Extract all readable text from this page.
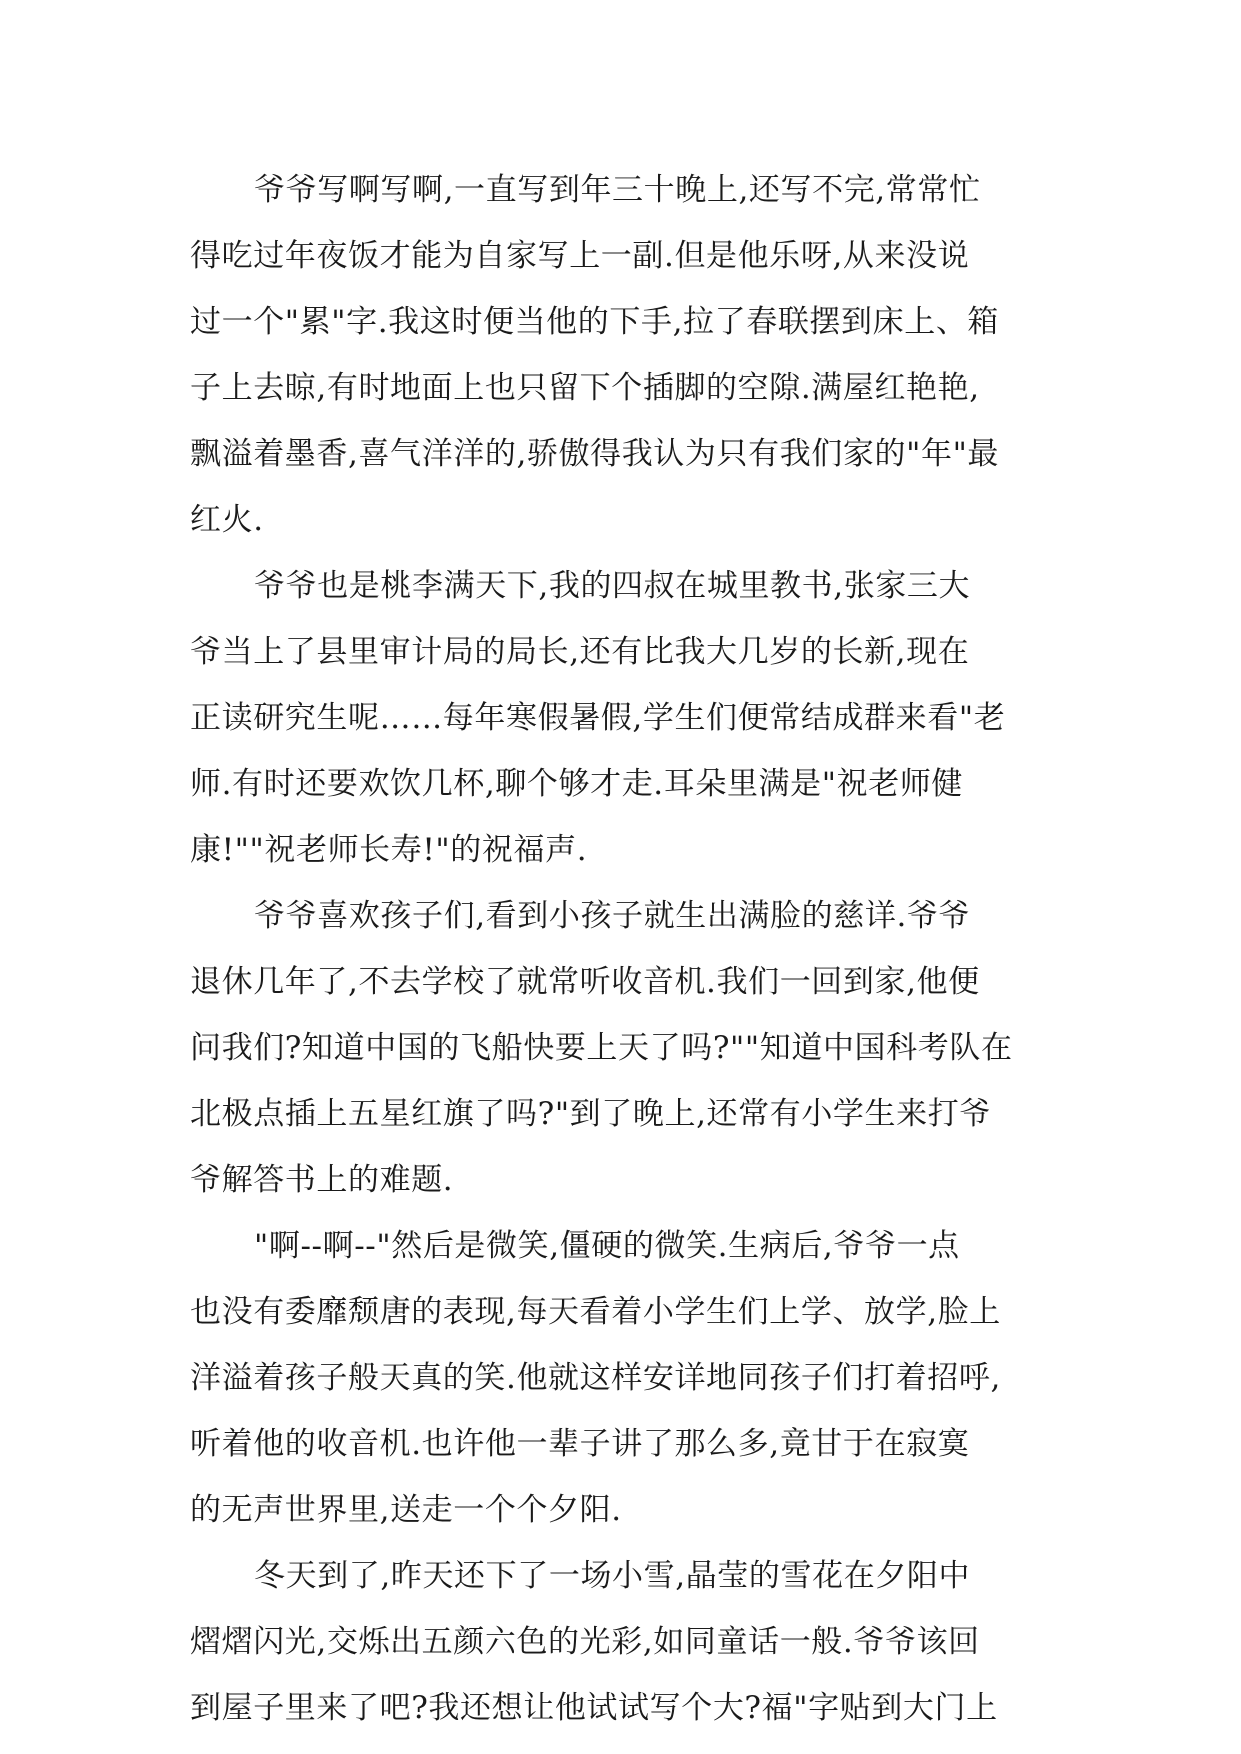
爷爷写啊写啊,一直写到年三十晚上,还写不完,常常忙
得吃过年夜饭才能为自家写上一副.但是他乐呀,从来没说
过一个"累"字.我这时便当他的下手,拉了春联摆到床上、箱
子上去晾,有时地面上也只留下个插脚的空隙.满屋红艳艳,
飘溢着墨香,喜气洋洋的,骄傲得我认为只有我们家的"年"最
红火.
爷爷也是桃李满天下,我的四叔在城里教书,张家三大
爷当上了县里审计局的局长,还有比我大几岁的长新,现在
正读研究生呢……每年寒假暑假,学生们便常结成群来看"老
师.有时还要欢饮几杯,聊个够才走.耳朵里满是"祝老师健
康!""祝老师长寿!"的祝福声.
爷爷喜欢孩子们,看到小孩子就生出满脸的慈详.爷爷
退休几年了,不去学校了就常听收音机.我们一回到家,他便
问我们?知道中国的飞船快要上天了吗?""知道中国科考队在
北极点插上五星红旗了吗?"到了晚上,还常有小学生来打爷
爷解答书上的难题.
"啊--啊--"然后是微笑,僵硬的微笑.生病后,爷爷一点
也没有委靡颓唐的表现,每天看着小学生们上学、放学,脸上
洋溢着孩子般天真的笑.他就这样安详地同孩子们打着招呼,
听着他的收音机.也许他一辈子讲了那么多,竟甘于在寂寞
的无声世界里,送走一个个夕阳.
冬天到了,昨天还下了一场小雪,晶莹的雪花在夕阳中
熠熠闪光,交烁出五颜六色的光彩,如同童话一般.爷爷该回
到屋子里来了吧?我还想让他试试写个大?福"字贴到大门上
